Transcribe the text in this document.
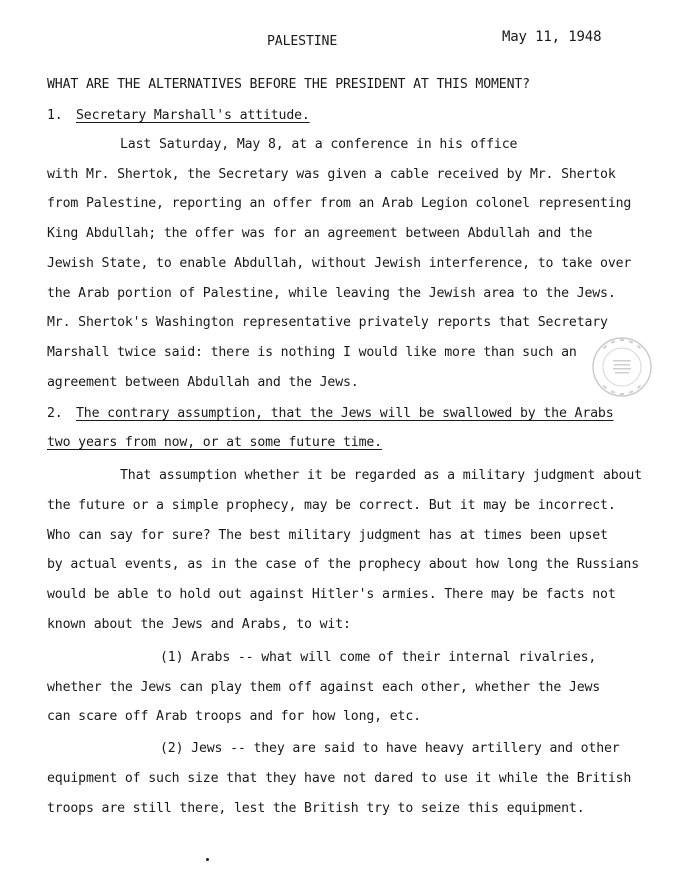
PALESTINE	May 11, 1948
WHAT ARE THE ALTERNATIVES BEFORE THE PRESIDENT AT THIS MOMENT?
1. Secretary Marshall's attitude.
Last Saturday, May 8, at a conference in his office
with Mr. Shertok, the Secretary was given a cable received by Mr. Shertok
from Palestine, reporting an offer from an Arab Legion colonel representing
King Abdullah; the offer was for an agreement between Abdullah and the
Jewish State, to enable Abdullah, without Jewish interference, to take over
the Arab portion of Palestine, while leaving the Jewish area to the Jews.
Mr. Shertok's Washington representative privately reports that Secretary
Marshall twice said: there is nothing I would like more than such an
agreement between Abdullah and the Jews.
2. The contrary assumption, that the Jews will be swallowed by the Arabs
two years from now, or at some future time.
That assumption whether it be regarded as a military judgment about
the future or a simple prophecy, may be correct. But it may be incorrect.
Who can say for sure? The best military judgment has at times been upset
by actual events, as in the case of the prophecy about how long the Russians
would be able to hold out against Hitler's armies. There may be facts not
known about the Jews and Arabs, to wit:
(1) Arabs -- what will come of their internal rivalries,
whether the Jews can play them off against each other, whether the Jews
can scare off Arab troops and for how long, etc.
(2) Jews -- they are said to have heavy artillery and other
equipment of such size that they have not dared to use it while the British
troops are still there, lest the British try to seize this equipment.
